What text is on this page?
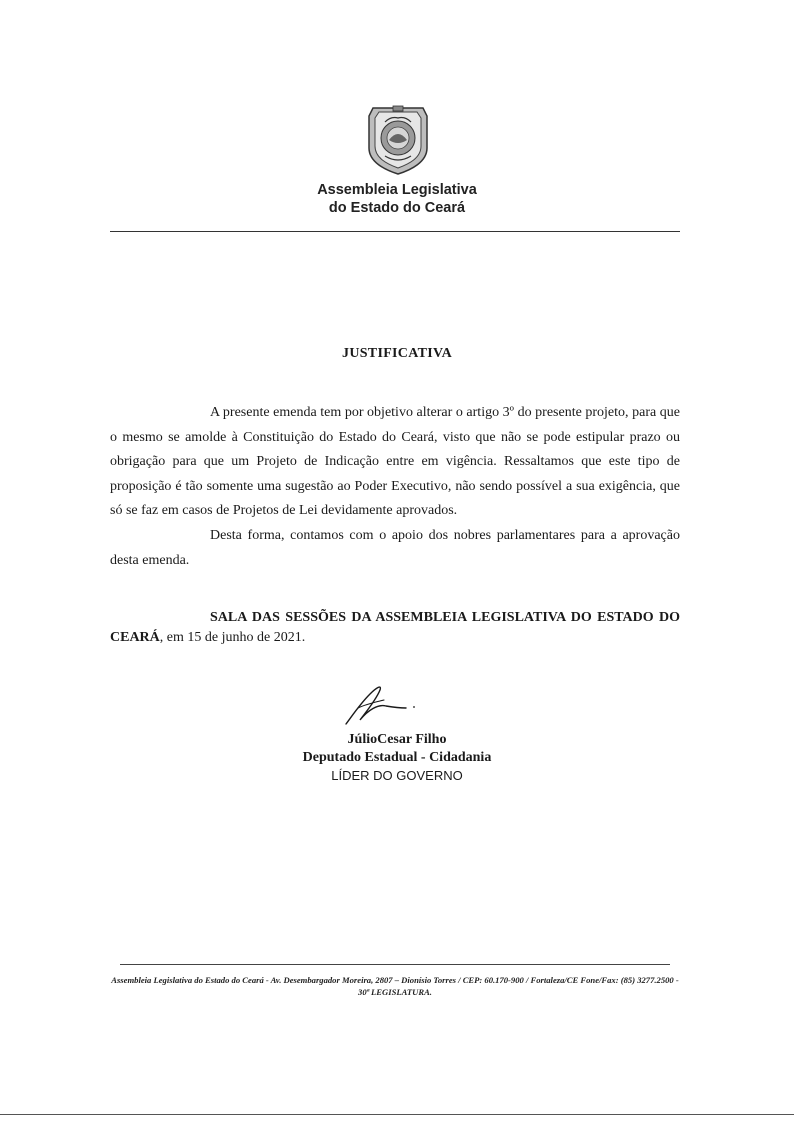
Assembleia Legislativa
do Estado do Ceará
JUSTIFICATIVA
A presente emenda tem por objetivo alterar o artigo 3º do presente projeto, para que o mesmo se amolde à Constituição do Estado do Ceará, visto que não se pode estipular prazo ou obrigação para que um Projeto de Indicação entre em vigência. Ressaltamos que este tipo de proposição é tão somente uma sugestão ao Poder Executivo, não sendo possível a sua exigência, que só se faz em casos de Projetos de Lei devidamente aprovados.
Desta forma, contamos com o apoio dos nobres parlamentares para a aprovação desta emenda.
SALA DAS SESSÕES DA ASSEMBLEIA LEGISLATIVA DO ESTADO DO CEARÁ, em 15 de junho de 2021.
JúlioCesar Filho
Deputado Estadual - Cidadania
LÍDER DO GOVERNO
Assembleia Legislativa do Estado do Ceará - Av. Desembargador Moreira, 2807 – Dionísio Torres / CEP: 60.170-900 / Fortaleza/CE Fone/Fax: (85) 3277.2500 - 30ª LEGISLATURA.
